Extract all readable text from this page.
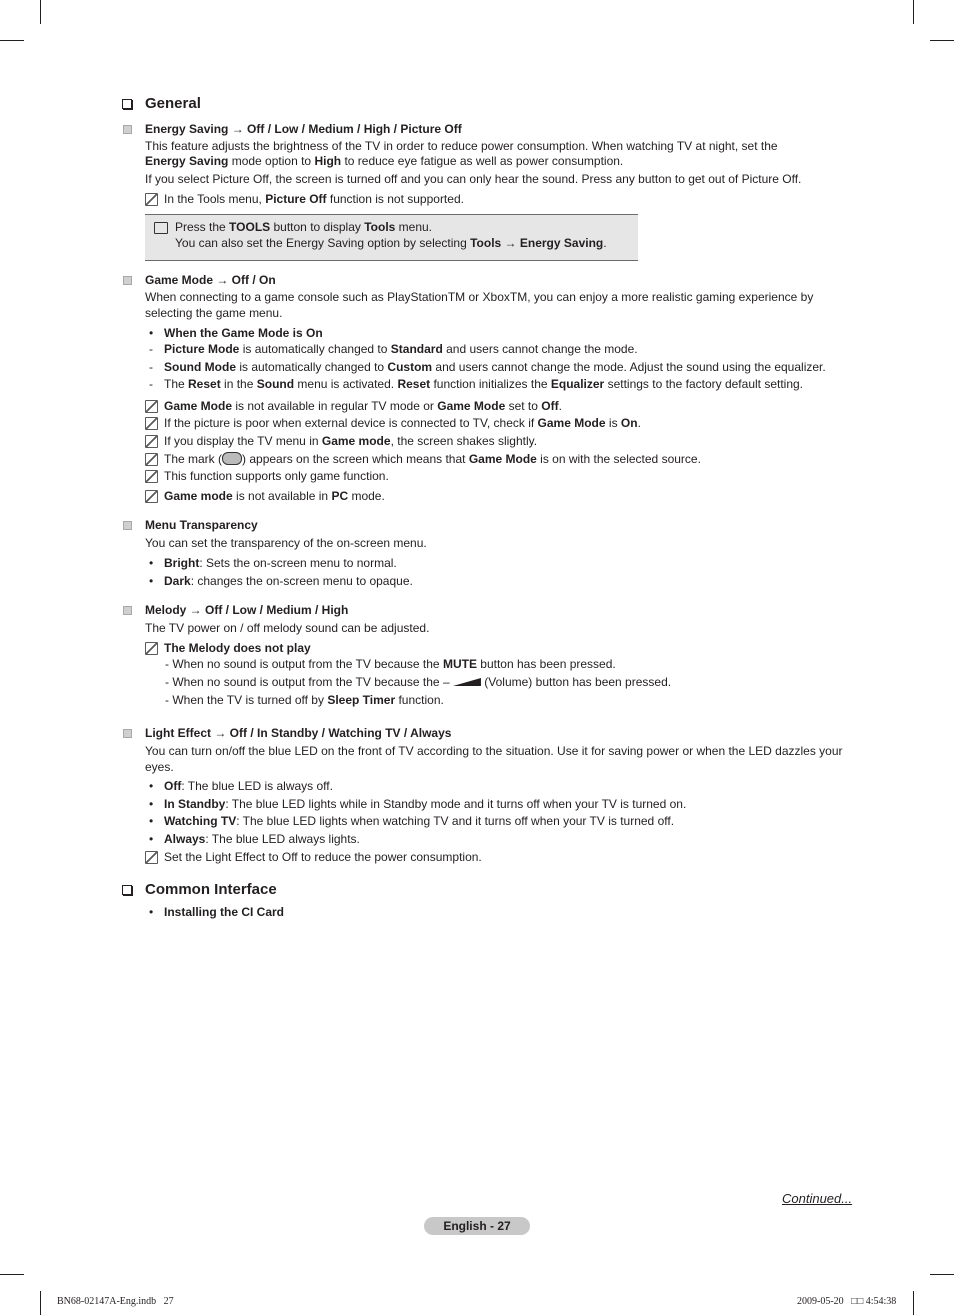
General
Energy Saving → Off / Low / Medium / High / Picture Off
This feature adjusts the brightness of the TV in order to reduce power consumption. When watching TV at night, set the
Energy Saving mode option to High to reduce eye fatigue as well as power consumption.
If you select Picture Off, the screen is turned off and you can only hear the sound. Press any button to get out of Picture Off.
In the Tools menu, Picture Off function is not supported.
Press the TOOLS button to display Tools menu.
You can also set the Energy Saving option by selecting Tools → Energy Saving.
Game Mode → Off / On
When connecting to a game console such as PlayStationTM or XboxTM, you can enjoy a more realistic gaming experience by
selecting the game menu.
• When the Game Mode is On
- Picture Mode is automatically changed to Standard and users cannot change the mode.
- Sound Mode is automatically changed to Custom and users cannot change the mode. Adjust the sound using the equalizer.
- The Reset in the Sound menu is activated. Reset function initializes the Equalizer settings to the factory default setting.
Game Mode is not available in regular TV mode or Game Mode set to Off.
If the picture is poor when external device is connected to TV, check if Game Mode is On.
If you display the TV menu in Game mode, the screen shakes slightly.
The mark ( ) appears on the screen which means that Game Mode is on with the selected source.
This function supports only game function.
Game mode is not available in PC mode.
Menu Transparency
You can set the transparency of the on-screen menu.
• Bright: Sets the on-screen menu to normal.
• Dark: changes the on-screen menu to opaque.
Melody → Off / Low / Medium / High
The TV power on / off melody sound can be adjusted.
The Melody does not play
- When no sound is output from the TV because the MUTE button has been pressed.
- When no sound is output from the TV because the –  (Volume) button has been pressed.
- When the TV is turned off by Sleep Timer function.
Light Effect → Off / In Standby / Watching TV / Always
You can turn on/off the blue LED on the front of TV according to the situation. Use it for saving power or when the LED dazzles your
eyes.
• Off: The blue LED is always off.
• In Standby: The blue LED lights while in Standby mode and it turns off when your TV is turned on.
• Watching TV: The blue LED lights when watching TV and it turns off when your TV is turned off.
• Always: The blue LED always lights.
Set the Light Effect to Off to reduce the power consumption.
Common Interface
• Installing the CI Card
Continued...
English - 27
BN68-02147A-Eng.indb   27	2009-05-20   □□ 4:54:38
